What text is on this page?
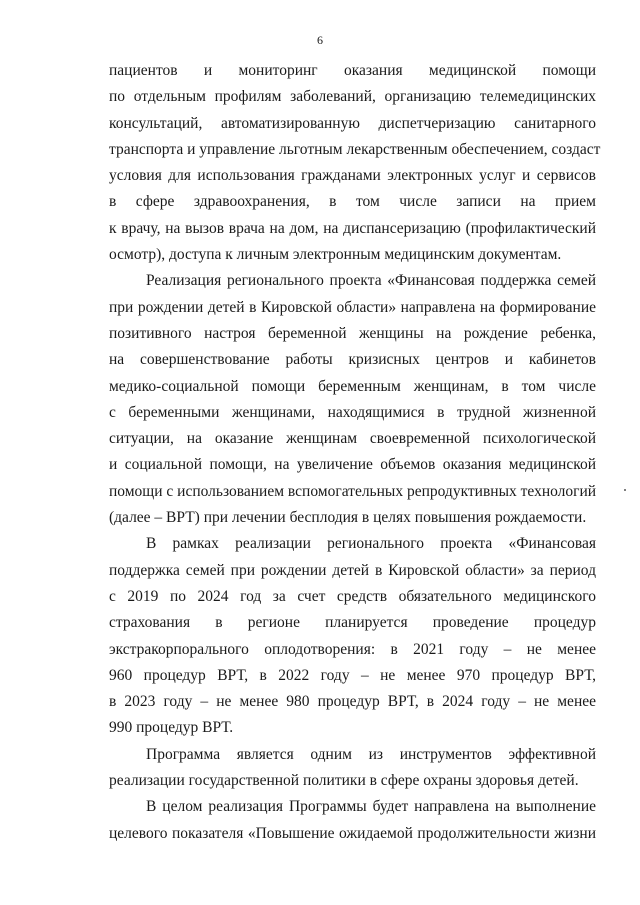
6

пациентов и мониторинг оказания медицинской помощи
по отдельным профилям заболеваний, организацию телемедицинских
консультаций, автоматизированную диспетчеризацию санитарного
транспорта и управление льготным лекарственным обеспечением, создаст
условия для использования гражданами электронных услуг и сервисов
в сфере здравоохранения, в том числе записи на прием
к врачу, на вызов врача на дом, на диспансеризацию (профилактический
осмотр), доступа к личным электронным медицинским документам.

Реализация регионального проекта «Финансовая поддержка семей
при рождении детей в Кировской области» направлена на формирование
позитивного настроя беременной женщины на рождение ребенка,
на совершенствование работы кризисных центров и кабинетов
медико-социальной помощи беременным женщинам, в том числе
с беременными женщинами, находящимися в трудной жизненной
ситуации, на оказание женщинам своевременной психологической
и социальной помощи, на увеличение объемов оказания медицинской
помощи с использованием вспомогательных репродуктивных технологий
(далее – ВРТ) при лечении бесплодия в целях повышения рождаемости.

В рамках реализации регионального проекта «Финансовая
поддержка семей при рождении детей в Кировской области» за период
с 2019 по 2024 год за счет средств обязательного медицинского
страхования в регионе планируется проведение процедур
экстракорпорального оплодотворения: в 2021 году – не менее
960 процедур ВРТ, в 2022 году – не менее 970 процедур ВРТ,
в 2023 году – не менее 980 процедур ВРТ, в 2024 году – не менее
990 процедур ВРТ.

Программа является одним из инструментов эффективной
реализации государственной политики в сфере охраны здоровья детей.

В целом реализация Программы будет направлена на выполнение
целевого показателя «Повышение ожидаемой продолжительности жизни
